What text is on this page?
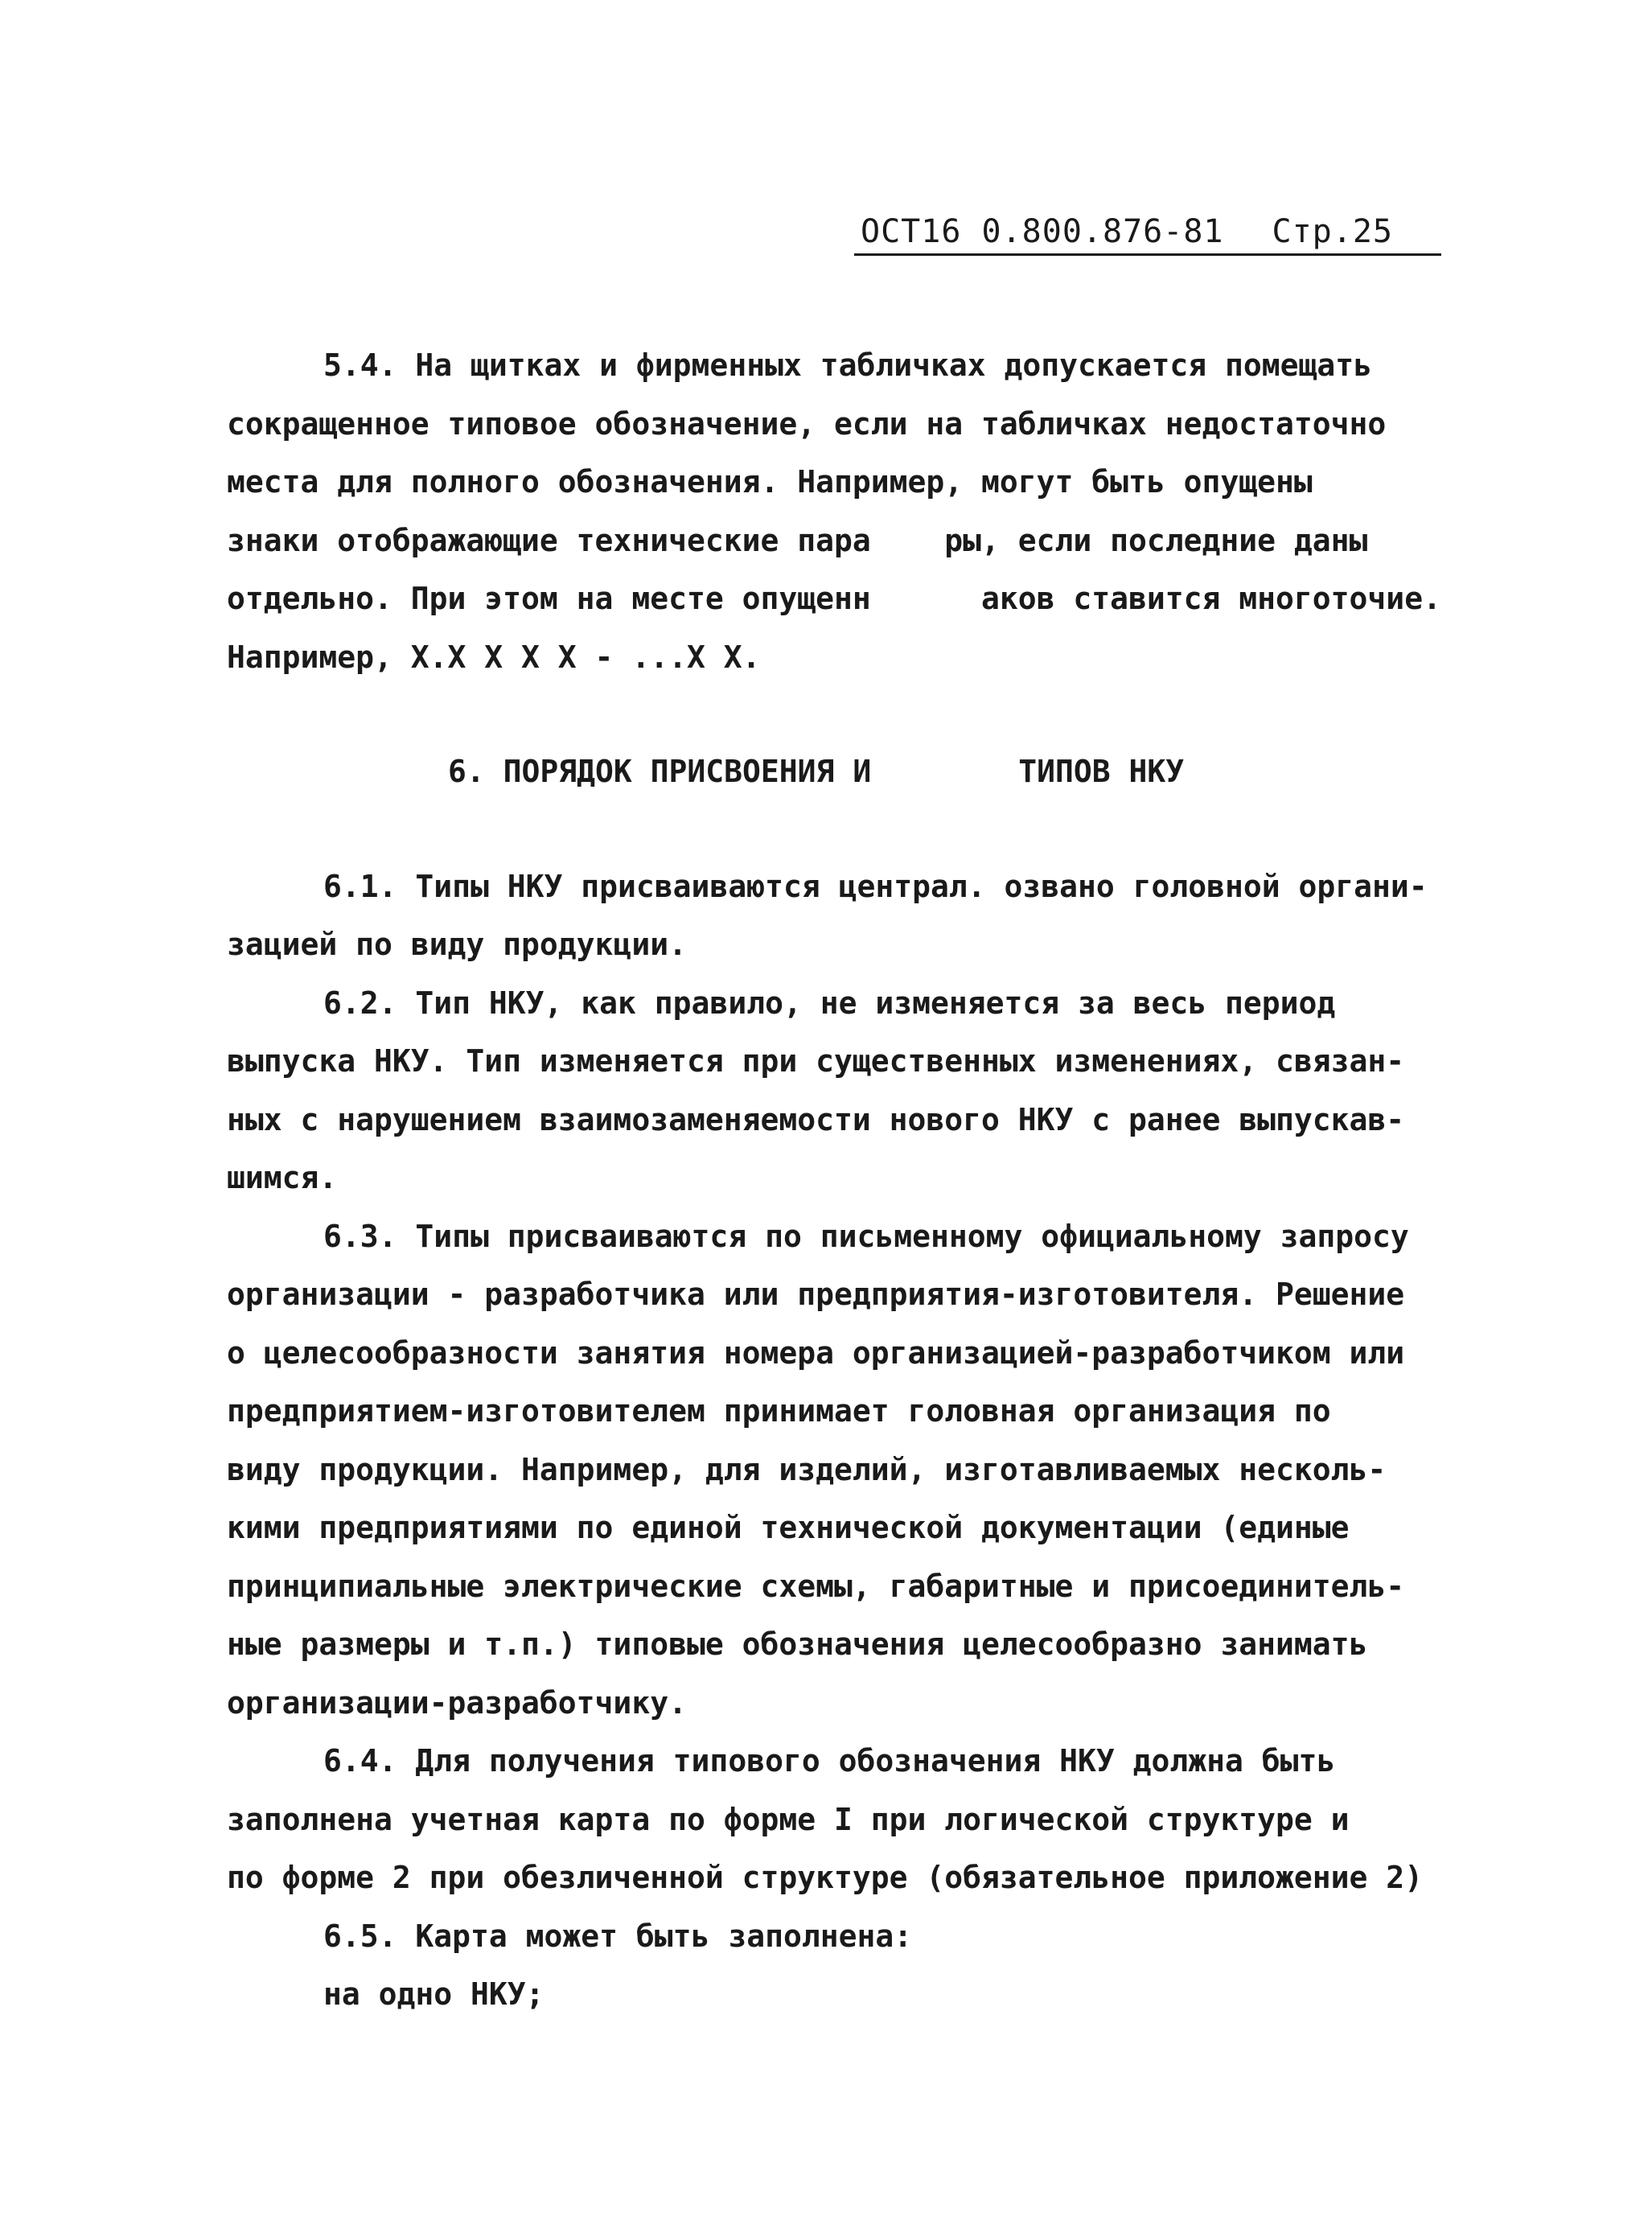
ОСТ16 0.800.876-81 Стр.25
5.4. На щитках и фирменных табличках допускается помещать
сокращенное типовое обозначение, если на табличках недостаточно
места для полного обозначения. Например, могут быть опущены
знаки отображающие технические пара    ры, если последние даны
отдельно. При этом на месте опущенн      аков ставится многоточие.
Например, Х.Х Х Х Х - ...Х Х.
6. ПОРЯДОК ПРИСВОЕНИЯ И        ТИПОВ НКУ
6.1. Типы НКУ присваиваются централ. озвано головной органи-
зацией по виду продукции.
6.2. Тип НКУ, как правило, не изменяется за весь период
выпуска НКУ. Тип изменяется при существенных изменениях, связан-
ных с нарушением взаимозаменяемости нового НКУ с ранее выпускав-
шимся.
6.3. Типы присваиваются по письменному официальному запросу
организации - разработчика или предприятия-изготовителя. Решение
о целесообразности занятия номера организацией-разработчиком или
предприятием-изготовителем принимает головная организация по
виду продукции. Например, для изделий, изготавливаемых несколь-
кими предприятиями по единой технической документации (единые
принципиальные электрические схемы, габаритные и присоединитель-
ные размеры и т.п.) типовые обозначения целесообразно занимать
организации-разработчику.
6.4. Для получения типового обозначения НКУ должна быть
заполнена учетная карта по форме I при логической структуре и
по форме 2 при обезличенной структуре (обязательное приложение 2)
6.5. Карта может быть заполнена:
на одно НКУ;
